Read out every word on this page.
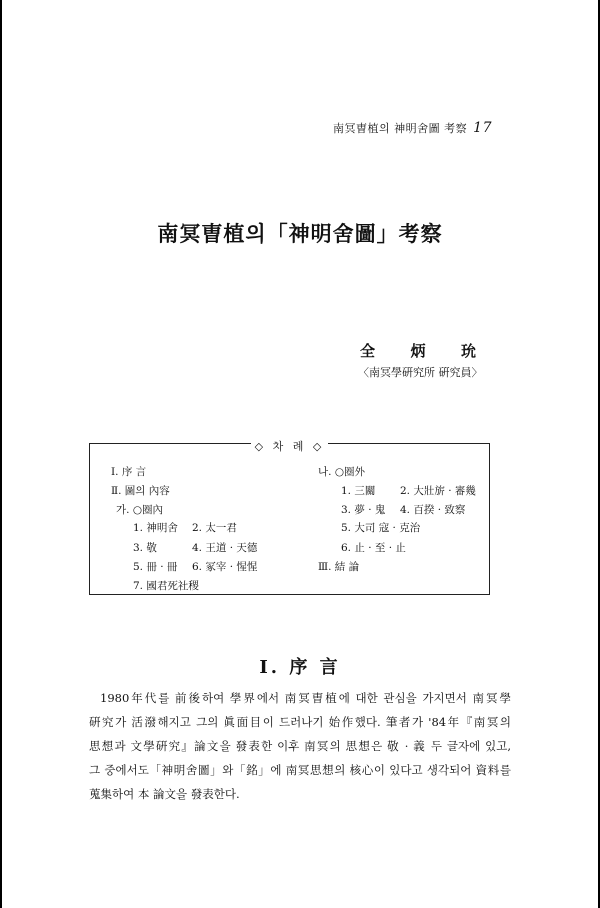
南冥曺植의 神明舍圖 考察 17
南冥曺植의「神明舍圖」考察
全 炳 玧
〈南冥學硏究所 硏究員〉
◇ 차 례 ◇
Ⅰ. 序 言
Ⅱ. 圖의 內容
가. ○圈內
1. 神明舍 2. 太一君
3. 敬	4. 王道 · 天德
5. 冊 · 冊 6. 冢宰 · 惺惺
7. 國君死社稷
나. ○圈外
1. 三關 2. 大壯旂 · 審幾
3. 夢 · 鬼 4. 百揆 · 致察
5. 大司 寇 · 克治
6. 止 · 至 · 止
Ⅲ. 結 論
Ⅰ. 序 言
1980年代를 前後하여 學界에서 南冥曺植에 대한 관심을 가지면서 南冥學
硏究가 活潑해지고 그의 眞面目이 드러나기 始作했다. 筆者가 '84年『南冥의
思想과 文學硏究』論文을 發表한 이후 南冥의 思想은 敬 · 義 두 글자에 있고,
그 중에서도「神明舍圖」와「銘」에 南冥思想의 核心이 있다고 생각되어 資料를
蒐集하여 本 論文을 發表한다.
